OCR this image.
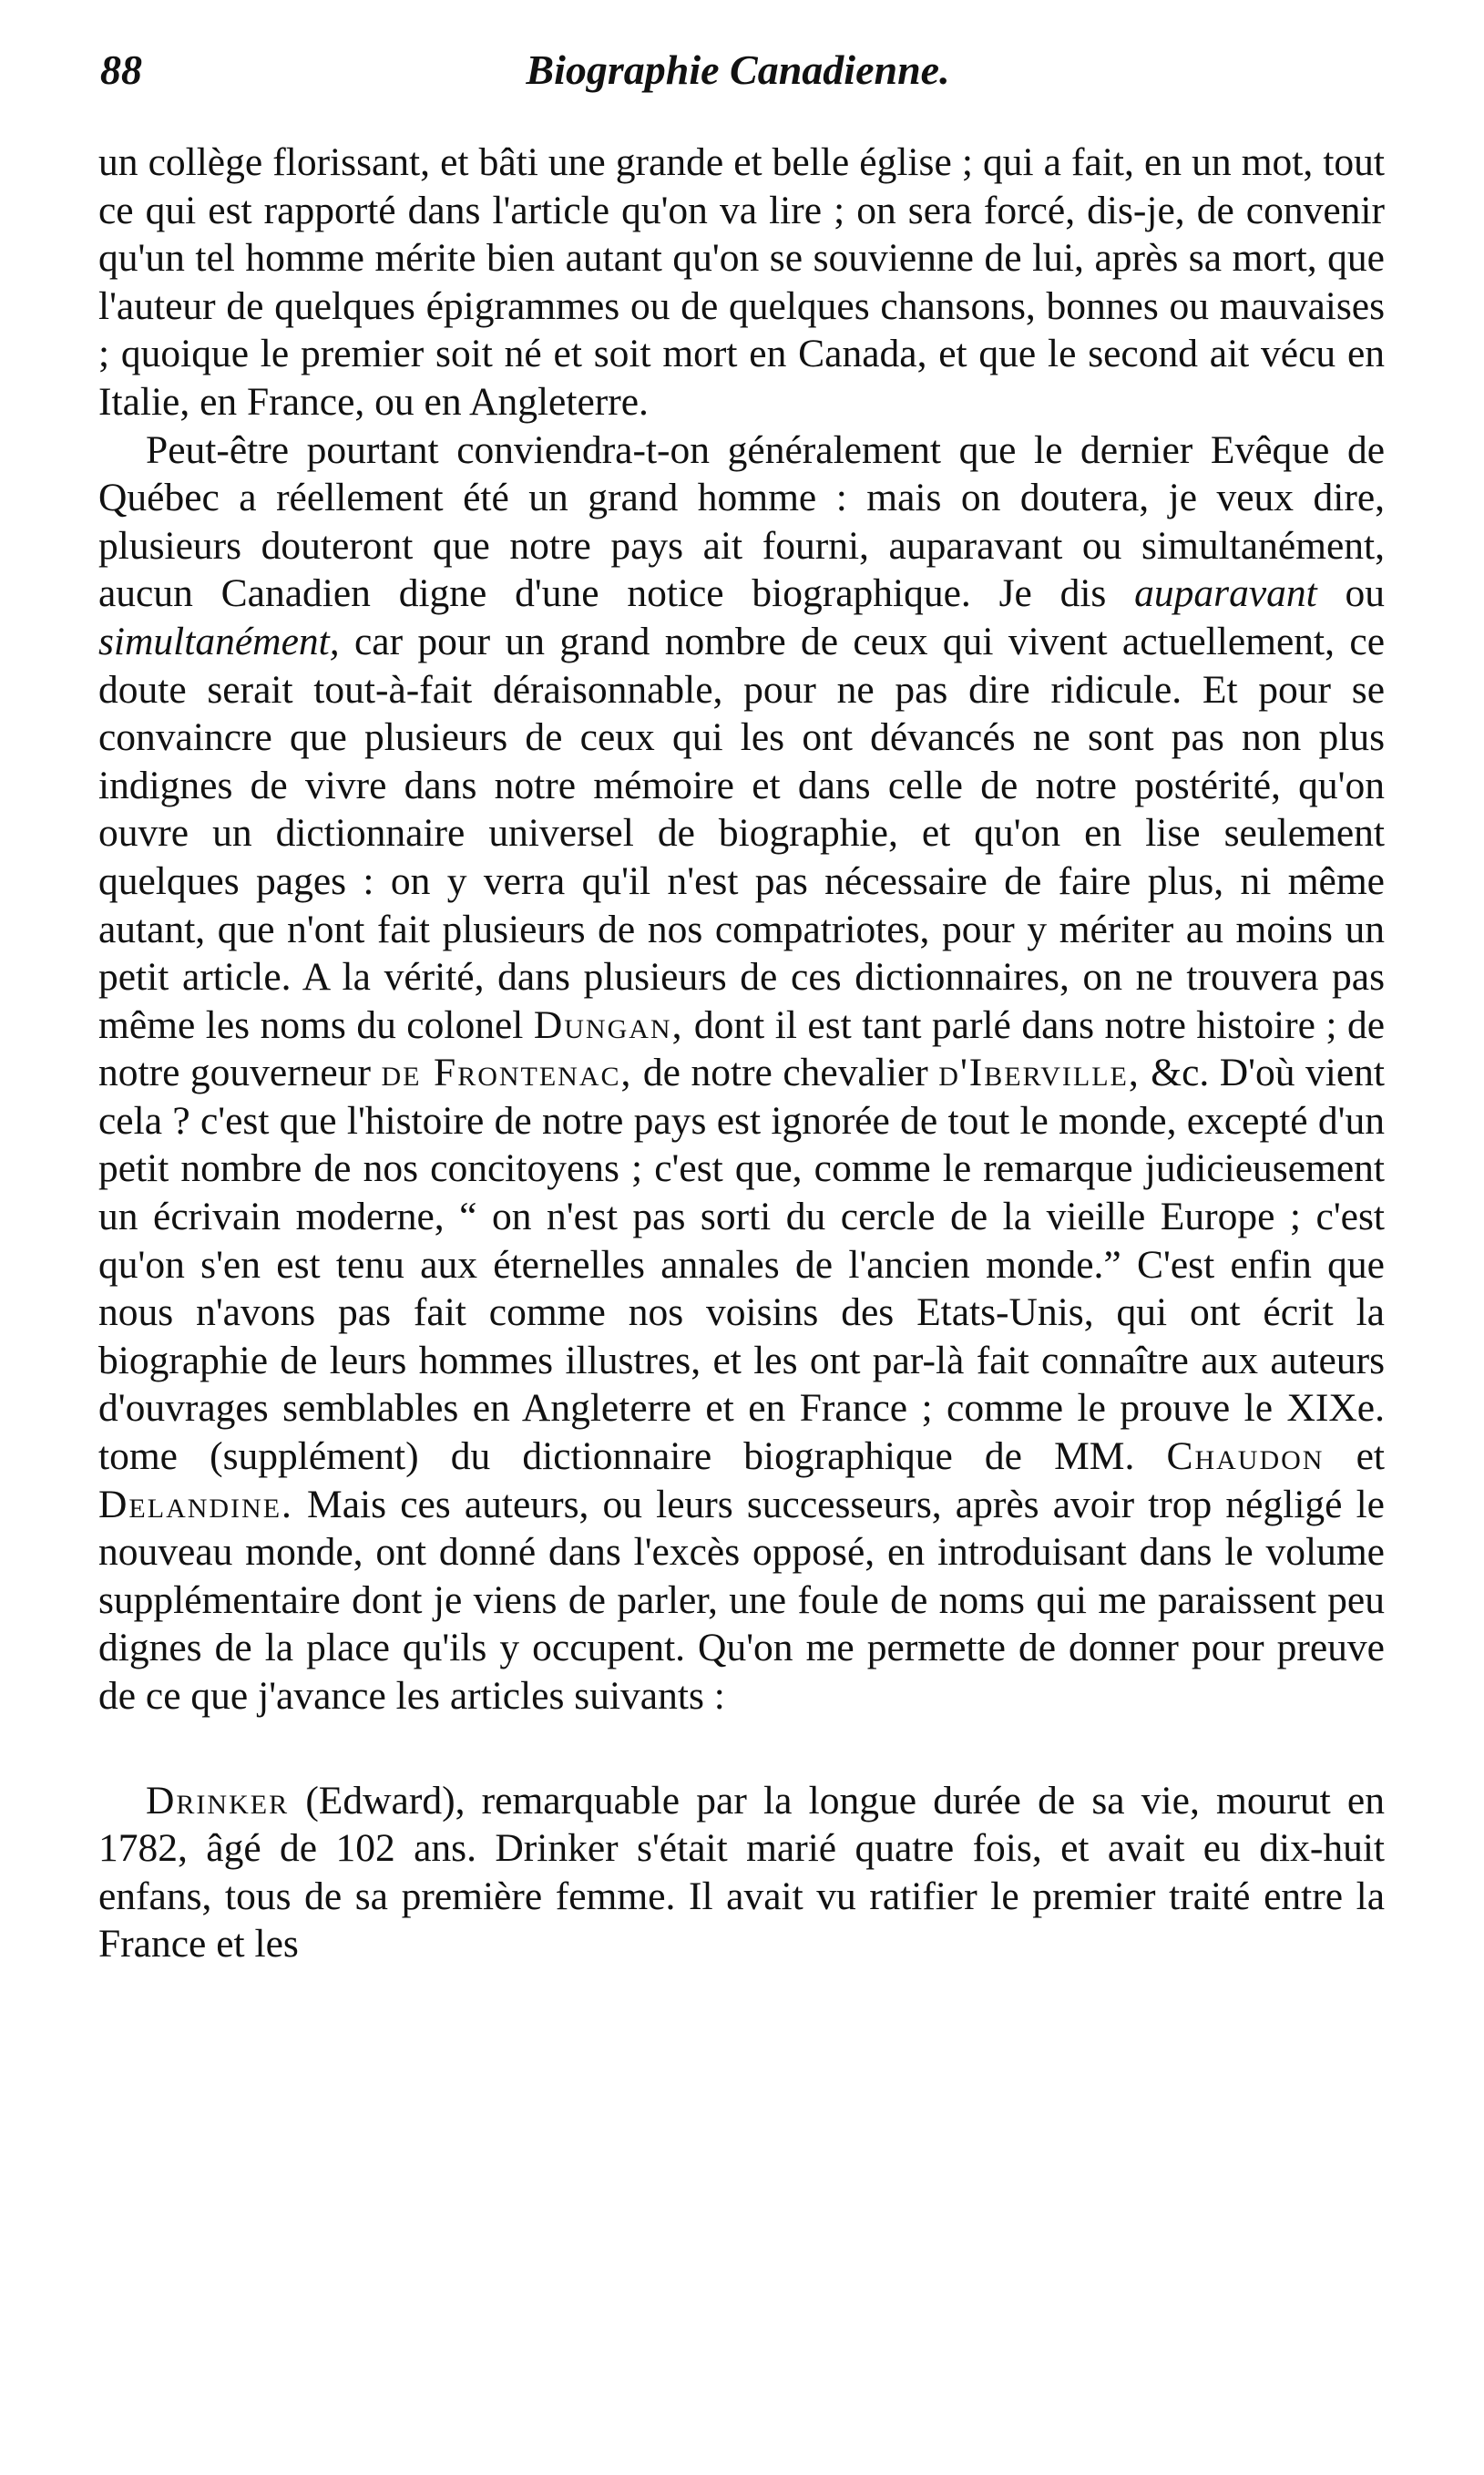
88	Biographie Canadienne.

un collège florissant, et bâti une grande et belle église ; qui a fait, en un mot, tout ce qui est rapporté dans l'article qu'on va lire ; on sera forcé, dis-je, de convenir qu'un tel homme mérite bien autant qu'on se souvienne de lui, après sa mort, que l'auteur de quelques épigrammes ou de quelques chansons, bonnes ou mauvaises ; quoique le premier soit né et soit mort en Canada, et que le second ait vécu en Italie, en France, ou en Angleterre.

Peut-être pourtant conviendra-t-on généralement que le dernier Evêque de Québec a réellement été un grand homme : mais on doutera, je veux dire, plusieurs douteront que notre pays ait fourni, auparavant ou simultanément, aucun Canadien digne d'une notice biographique. Je dis auparavant ou simultanément, car pour un grand nombre de ceux qui vivent actuellement, ce doute serait tout-à-fait déraisonnable, pour ne pas dire ridicule. Et pour se convaincre que plusieurs de ceux qui les ont dévancés ne sont pas non plus indignes de vivre dans notre mémoire et dans celle de notre postérité, qu'on ouvre un dictionnaire universel de biographie, et qu'on en lise seulement quelques pages : on y verra qu'il n'est pas nécessaire de faire plus, ni même autant, que n'ont fait plusieurs de nos compatriotes, pour y mériter au moins un petit article. A la vérité, dans plusieurs de ces dictionnaires, on ne trouvera pas même les noms du colonel Dungan, dont il est tant parlé dans notre histoire ; de notre gouverneur de Frontenac, de notre chevalier d'Iberville, &c. D'où vient cela ? c'est que l'histoire de notre pays est ignorée de tout le monde, excepté d'un petit nombre de nos concitoyens ; c'est que, comme le remarque judicieusement un écrivain moderne, “ on n'est pas sorti du cercle de la vieille Europe ; c'est qu'on s'en est tenu aux éternelles annales de l'ancien monde.” C'est enfin que nous n'avons pas fait comme nos voisins des Etats-Unis, qui ont écrit la biographie de leurs hommes illustres, et les ont par-là fait connaître aux auteurs d'ouvrages semblables en Angleterre et en France ; comme le prouve le XIXe. tome (supplément) du dictionnaire biographique de MM. Chaudon et Delandine. Mais ces auteurs, ou leurs successeurs, après avoir trop négligé le nouveau monde, ont donné dans l'excès opposé, en introduisant dans le volume supplémentaire dont je viens de parler, une foule de noms qui me paraissent peu dignes de la place qu'ils y occupent. Qu'on me permette de donner pour preuve de ce que j'avance les articles suivants :

Drinker (Edward), remarquable par la longue durée de sa vie, mourut en 1782, âgé de 102 ans. Drinker s'était marié quatre fois, et avait eu dix-huit enfans, tous de sa première femme. Il avait vu ratifier le premier traité entre la France et les
